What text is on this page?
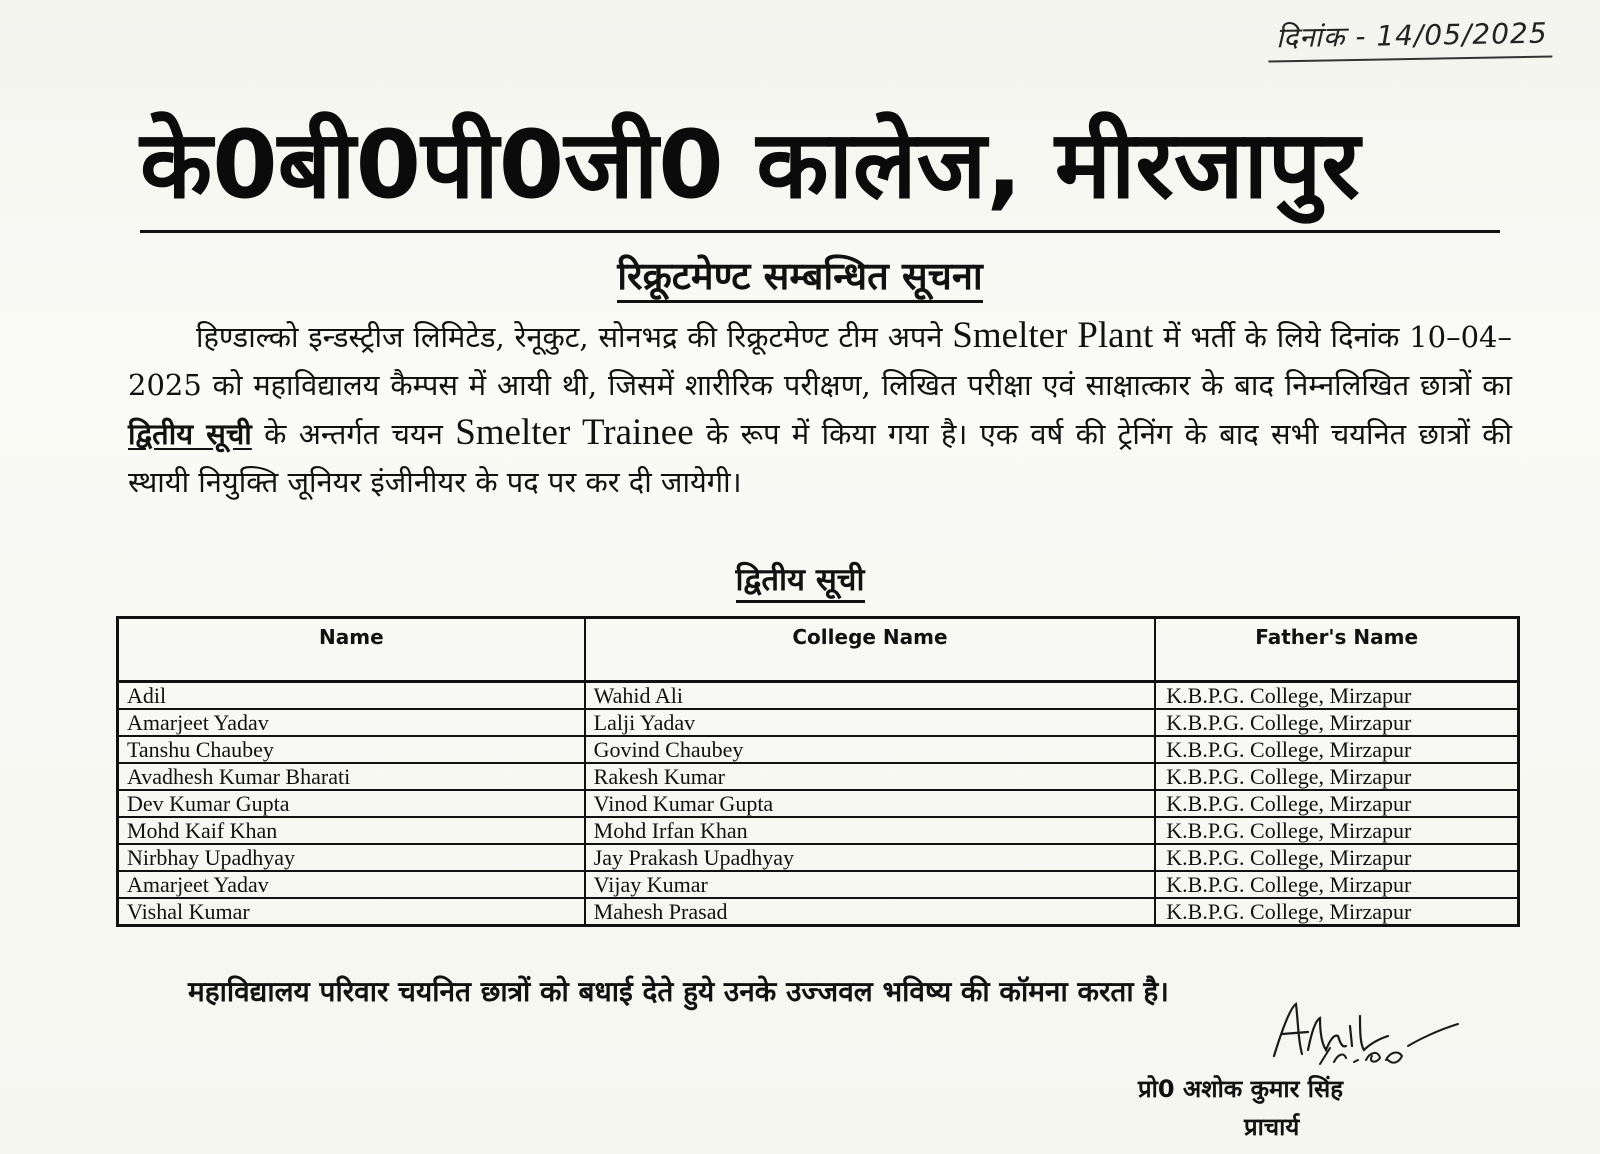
दिनांक - 14/05/2025
के0बी0पी0जी0 कालेज, मीरजापुर
रिक्रूटमेण्ट सम्बन्धित सूचना

हिण्डाल्को इन्डस्ट्रीज लिमिटेड, रेनूकुट, सोनभद्र की रिक्रूटमेण्ट टीम अपने Smelter Plant में भर्ती के लिये दिनांक 10–04–2025 को महाविद्यालय कैम्पस में आयी थी, जिसमें शारीरिक परीक्षण, लिखित परीक्षा एवं साक्षात्कार के बाद निम्नलिखित छात्रों का द्वितीय सूची के अन्तर्गत चयन Smelter Trainee के रूप में किया गया है। एक वर्ष की ट्रेनिंग के बाद सभी चयनित छात्रों की स्थायी नियुक्ति जूनियर इंजीनीयर के पद पर कर दी जायेगी।

द्वितीय सूची
Name	College Name	Father's Name
Adil	Wahid Ali	K.B.P.G. College, Mirzapur
Amarjeet Yadav	Lalji Yadav	K.B.P.G. College, Mirzapur
Tanshu Chaubey	Govind Chaubey	K.B.P.G. College, Mirzapur
Avadhesh Kumar Bharati	Rakesh Kumar	K.B.P.G. College, Mirzapur
Dev Kumar Gupta	Vinod Kumar Gupta	K.B.P.G. College, Mirzapur
Mohd Kaif Khan	Mohd Irfan Khan	K.B.P.G. College, Mirzapur
Nirbhay Upadhyay	Jay Prakash Upadhyay	K.B.P.G. College, Mirzapur
Amarjeet Yadav	Vijay Kumar	K.B.P.G. College, Mirzapur
Vishal Kumar	Mahesh Prasad	K.B.P.G. College, Mirzapur
महाविद्यालय परिवार चयनित छात्रों को बधाई देते हुये उनके उज्जवल भविष्य की कॉमना करता है।
प्रो0 अशोक कुमार सिंह
प्राचार्य
